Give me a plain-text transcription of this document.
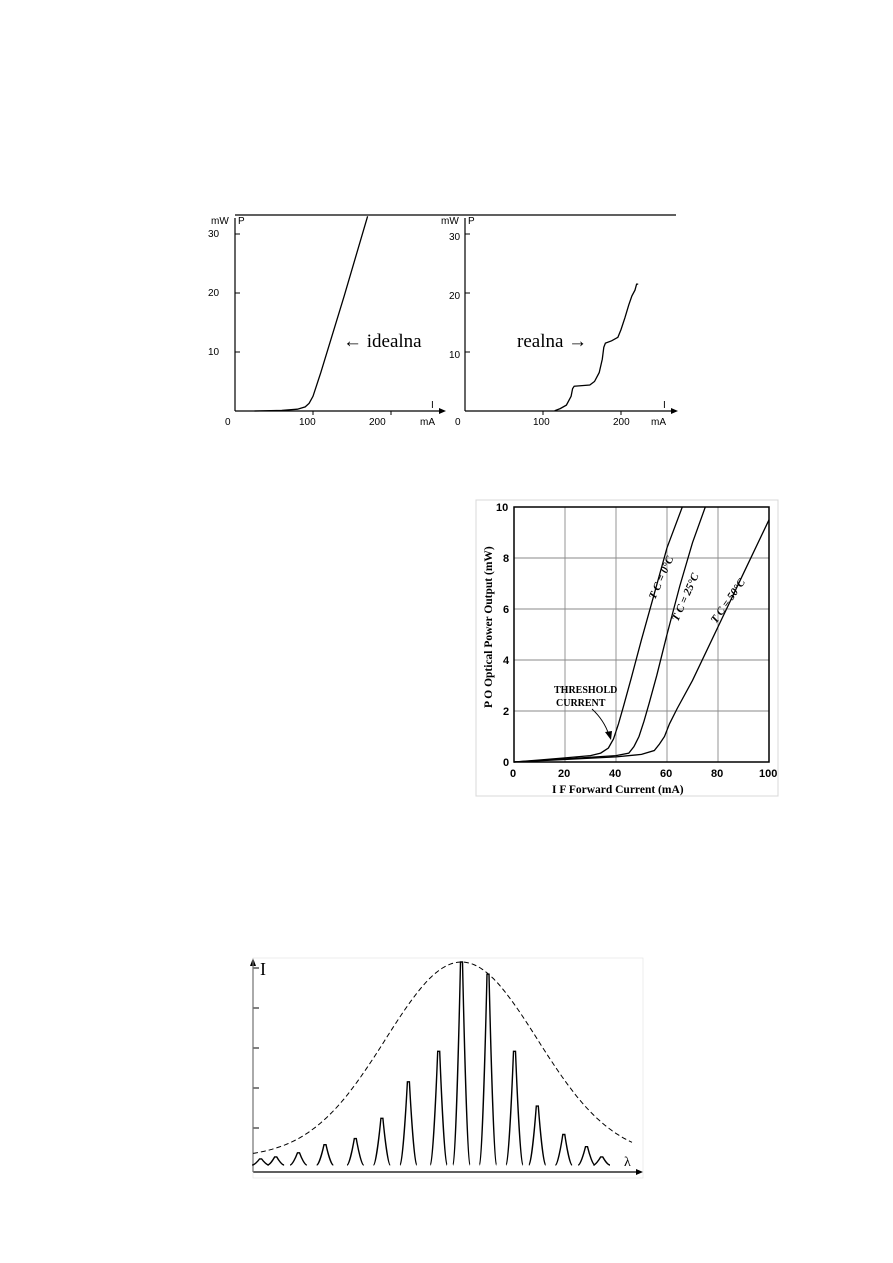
mW P
I
mA
0	100	200
10
20
30
← idealna
mW P
I
mA
0	100	200
10
20
30
realna →
0	20	40	60	80	100
0
2
4
6
8
10
I F Forward Current (mA)
P O Optical Power Output (mW)	THRESHOLD
CURRENT
T C = 0°C
T C = 25°C T C = 50°C
I
λ
